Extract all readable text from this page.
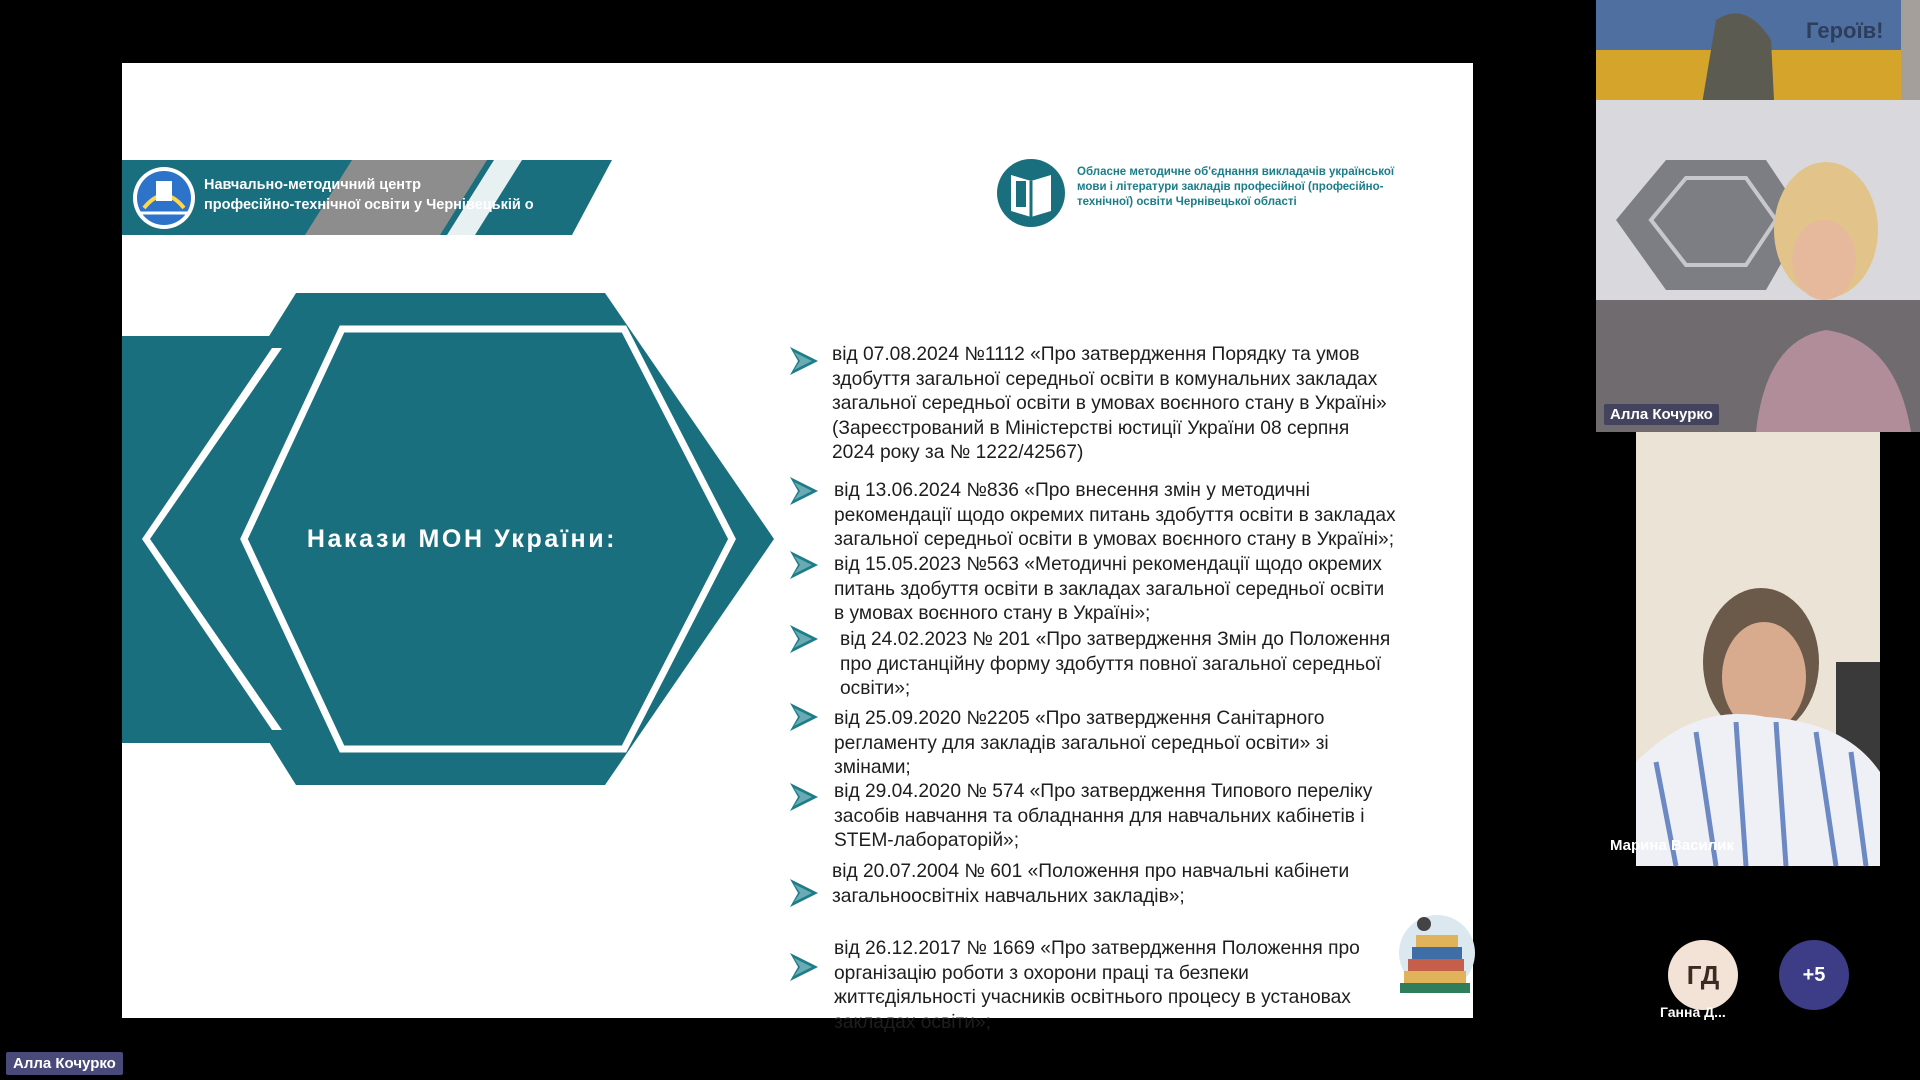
Навчально-методичний центр
професійно-технічної освіти у Чернівецькій о
Обласне методичне об'єднання викладачів української
мови і літератури закладів професійної (професійно-
технічної) освіти Чернівецької області
Накази МОН України:
від 07.08.2024 №1112 «Про затвердження Порядку та умов
здобуття загальної середньої освіти в комунальних закладах
загальної середньої освіти в умовах воєнного стану в Україні»
(Зареєстрований в Міністерстві юстиції України 08 серпня
2024 року за № 1222/42567)
від 13.06.2024 №836 «Про внесення змін у методичні
рекомендації щодо окремих питань здобуття освіти в закладах
загальної середньої освіти в умовах воєнного стану в Україні»;
від 15.05.2023 №563 «Методичні рекомендації щодо окремих
питань здобуття освіти в закладах загальної середньої освіти
в умовах воєнного стану в Україні»;
від 24.02.2023 № 201 «Про затвердження Змін до Положення
про дистанційну форму здобуття повної загальної середньої
освіти»;
від 25.09.2020 №2205 «Про затвердження Санітарного
регламенту для закладів загальної середньої освіти» зі
змінами;
від 29.04.2020 № 574 «Про затвердження Типового переліку
засобів навчання та обладнання для навчальних кабінетів і
STEM-лабораторій»;
від 20.07.2004 № 601 «Положення про навчальні кабінети
загальноосвітніх навчальних закладів»;
від 26.12.2017 № 1669 «Про затвердження Положення про
організацію роботи з охорони праці та безпеки
життєдіяльності учасників освітнього процесу в установах
закладах освіти»;
Алла Кочурко
Героїв!
Марина Василик
ГД
Ганна Д...
+5
Алла Кочурко
